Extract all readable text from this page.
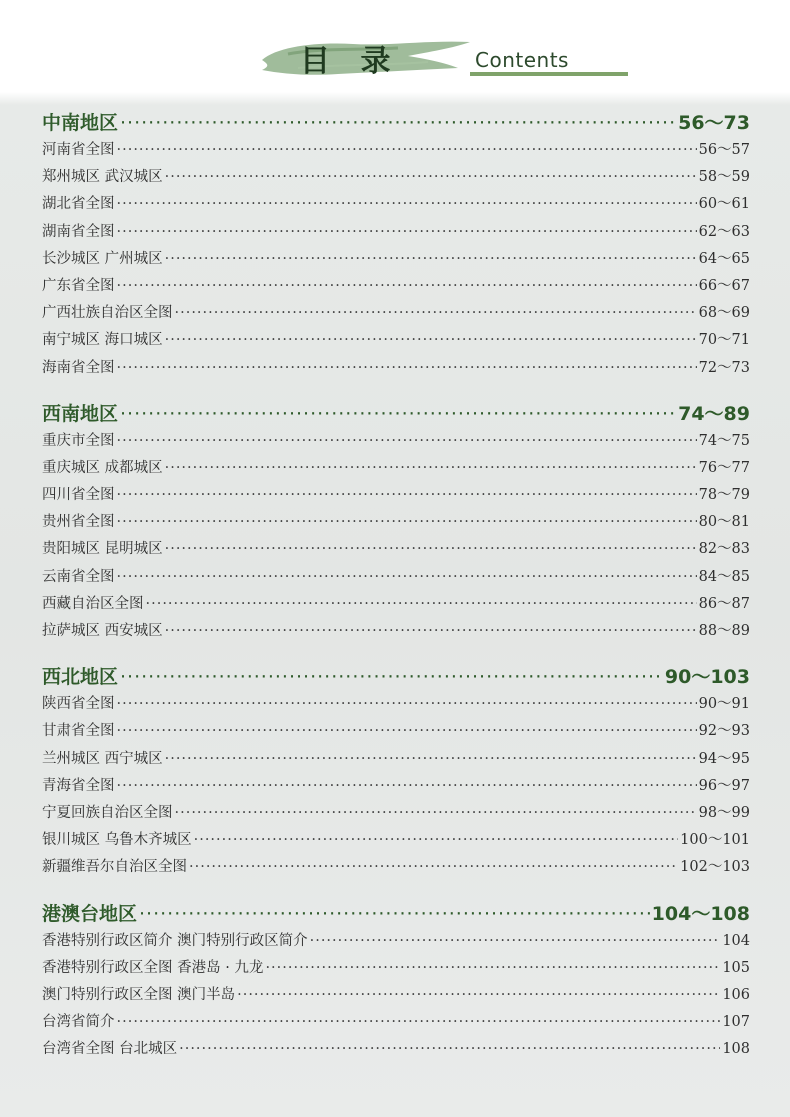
目 录	Contents
中南地区 ·····	56～73
河南省全图 ·····	56～57
郑州城区 武汉城区 ·····	58～59
湖北省全图 ·····	60～61
湖南省全图 ·····	62～63
长沙城区 广州城区 ·····	64～65
广东省全图 ·····	66～67
广西壮族自治区全图 ·····	68～69
南宁城区 海口城区 ·····	70～71
海南省全图 ·····	72～73
西南地区 ·····	74～89
重庆市全图 ·····	74～75
重庆城区 成都城区 ·····	76～77
四川省全图 ·····	78～79
贵州省全图 ·····	80～81
贵阳城区 昆明城区 ·····	82～83
云南省全图 ·····	84～85
西藏自治区全图 ·····	86～87
拉萨城区 西安城区 ·····	88～89
西北地区 ·····	90～103
陕西省全图 ·····	90～91
甘肃省全图 ·····	92～93
兰州城区 西宁城区 ·····	94～95
青海省全图 ·····	96～97
宁夏回族自治区全图 ·····	98～99
银川城区 乌鲁木齐城区 ·····	100～101
新疆维吾尔自治区全图 ·····	102～103
港澳台地区 ·····	104～108
香港特别行政区简介 澳门特别行政区简介 ·····	104
香港特别行政区全图 香港岛 · 九龙 ·····	105
澳门特别行政区全图 澳门半岛 ·····	106
台湾省简介 ·····	107
台湾省全图 台北城区 ·····	108
